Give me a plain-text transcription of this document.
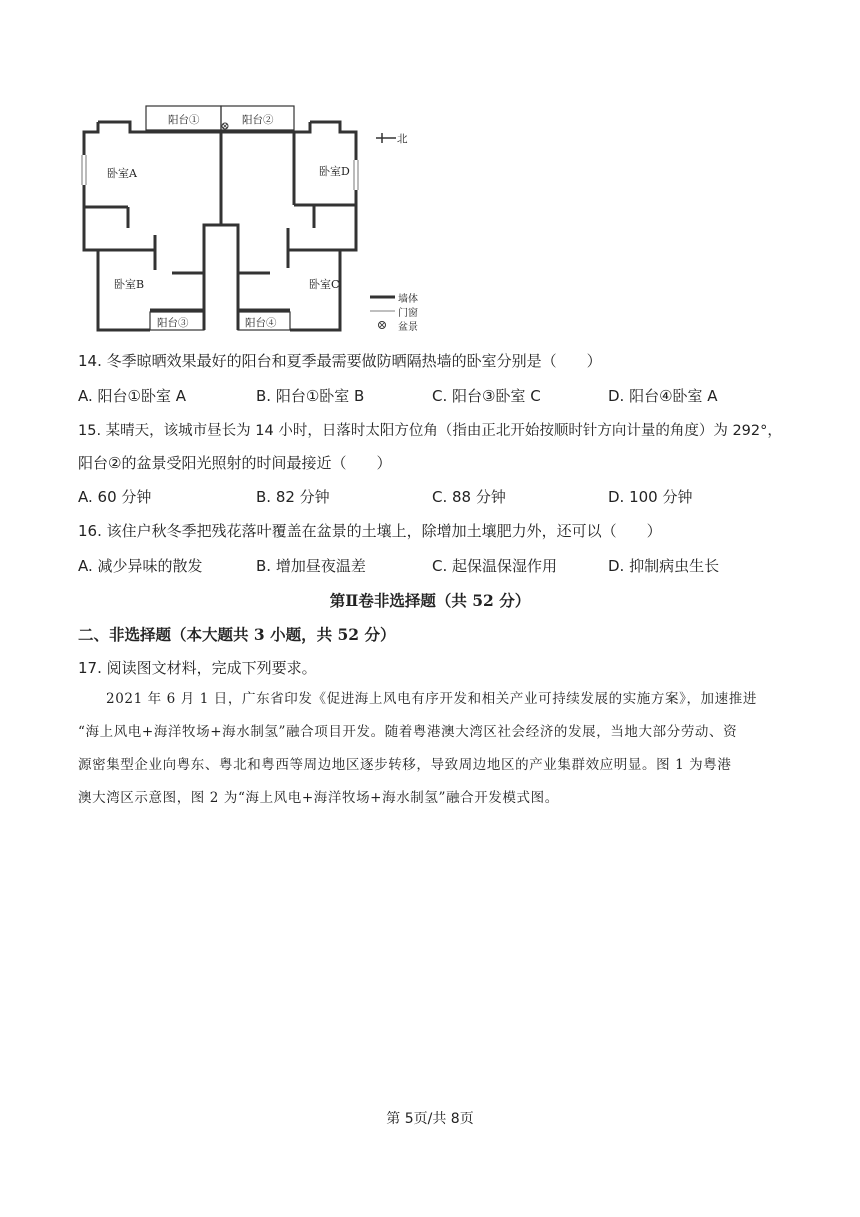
阳台①	阳台②
阳台③	阳台④
卧室A
卧室B	卧室C
卧室D
北
墙体
门窗
盆景
14. 冬季晾晒效果最好的阳台和夏季最需要做防晒隔热墙的卧室分别是（　　）
A. 阳台①卧室 A	B. 阳台①卧室 B	C. 阳台③卧室 C	D. 阳台④卧室 A
15. 某晴天，该城市昼长为 14 小时，日落时太阳方位角（指由正北开始按顺时针方向计量的角度）为 292°，
阳台②的盆景受阳光照射的时间最接近（　　）
A. 60 分钟	B. 82 分钟	C. 88 分钟	D. 100 分钟
16. 该住户秋冬季把残花落叶覆盖在盆景的土壤上，除增加土壤肥力外，还可以（　　）
A. 减少异味的散发	B. 增加昼夜温差	C. 起保温保湿作用	D. 抑制病虫生长
第Ⅱ卷非选择题（共 52 分）
二、非选择题（本大题共 3 小题，共 52 分）
17. 阅读图文材料，完成下列要求。
2021 年 6 月 1 日，广东省印发《促进海上风电有序开发和相关产业可持续发展的实施方案》，加速推进
“海上风电+海洋牧场+海水制氢”融合项目开发。随着粤港澳大湾区社会经济的发展，当地大部分劳动、资
源密集型企业向粤东、粤北和粤西等周边地区逐步转移，导致周边地区的产业集群效应明显。图 1 为粤港
澳大湾区示意图，图 2 为“海上风电+海洋牧场+海水制氢”融合开发模式图。
第 5页/共 8页
